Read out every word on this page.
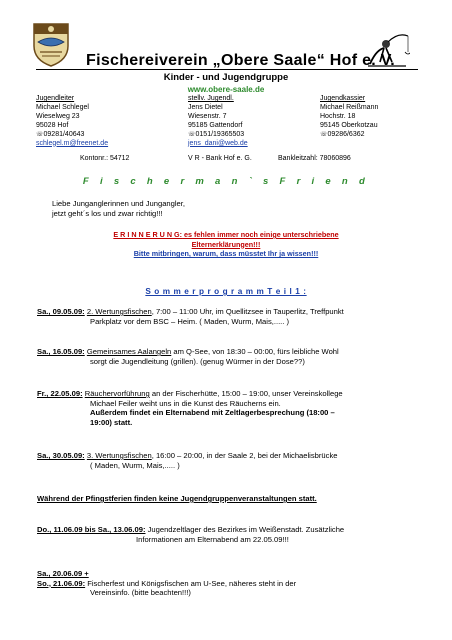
Fischereiverein „Obere Saale“ Hof e. V.
Kinder - und Jugendgruppe
www.obere-saale.de
Jugendleiter
Michael Schlegel
Wieselweg 23
95028 Hof
☏09281/40643
schlegel.m@freenet.de
stellv. Jugendl.
Jens Dietel
Wiesenstr. 7
95185 Gattendorf
☏0151/19365503
jens_dani@web.de
Jugendkassier
Michael Reißmann
Hochstr. 18
95145 Oberkotzau
☏09286/6362
Kontonr.: 54712	V R - Bank Hof e. G.	Bankleitzahl: 78060896
F i s c h e r m a n ` s F r i e n d
Liebe Junganglerinnen und Jungangler,
jetzt geht´s los und zwar richtig!!!
E R I N N E R U N G: es fehlen immer noch einige unterschriebene
Elternerklärungen!!!
Bitte mitbringen, warum, dass müsstet Ihr ja wissen!!!
S o m m e r p r o g r a m m T e i l 1 :
Sa., 09.05.09: 2. Wertungsfischen, 7:00 – 11:00 Uhr, im Quellitzsee in Tauperlitz, Treffpunkt
Parkplatz vor dem BSC – Heim. ( Maden, Wurm, Mais,..... )
Sa., 16.05.09: Gemeinsames Aalangeln am Q-See, von 18:30 – 00:00, fürs leibliche Wohl
sorgt die Jugendleitung (grillen). (genug Würmer in der Dose??)
Fr., 22.05.09: Räuchervorführung an der Fischerhütte, 15:00 – 19:00, unser Vereinskollege
Michael Feiler weiht uns in die Kunst des Räucherns ein.
Außerdem findet ein Elternabend mit Zeltlagerbesprechung (18:00 –
19:00) statt.
Sa., 30.05.09: 3. Wertungsfischen, 16:00 – 20:00, in der Saale 2, bei der Michaelisbrücke
( Maden, Wurm, Mais,..... )
Während der Pfingstferien finden keine Jugendgruppenveranstaltungen statt.
Do., 11.06.09 bis Sa., 13.06.09: Jugendzeltlager des Bezirkes im Weißenstadt. Zusätzliche
Informationen am Elternabend am 22.05.09!!!
Sa., 20.06.09 +
So., 21.06.09: Fischerfest und Königsfischen am U-See, näheres steht in der
Vereinsinfo. (bitte beachten!!!)
